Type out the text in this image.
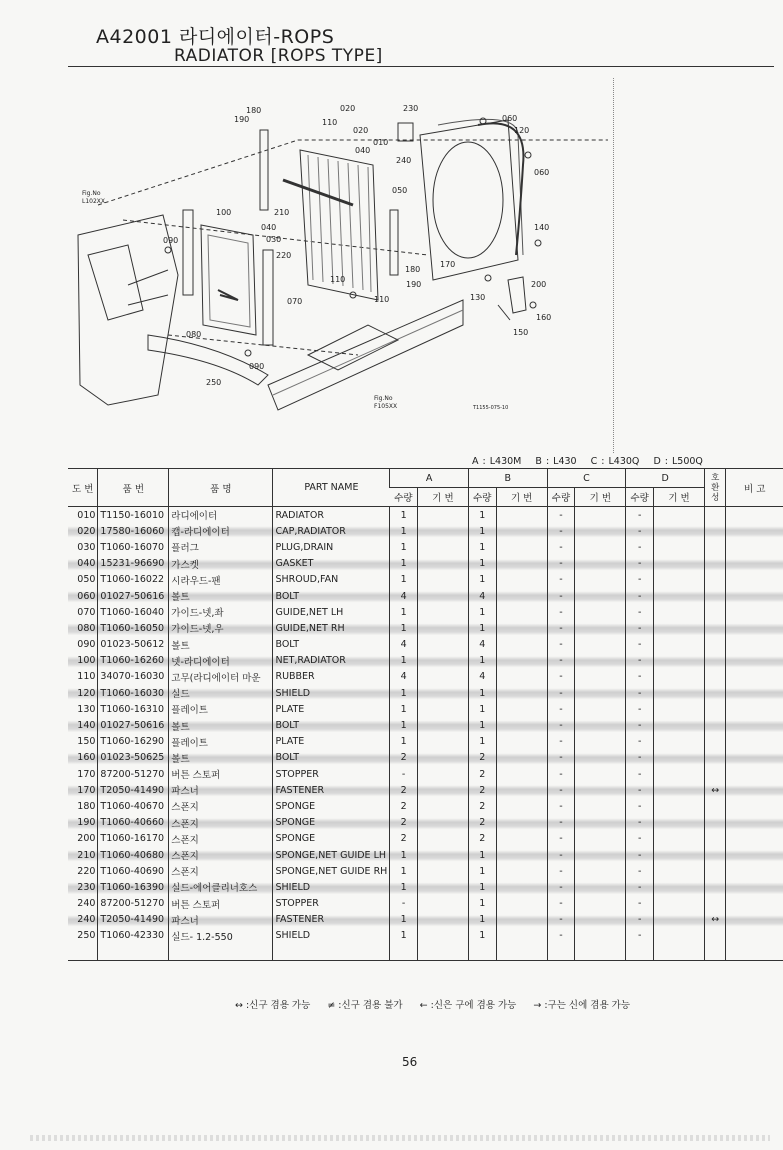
A42001 라디에이터-ROPS
RADIATOR [ROPS TYPE]
180
190
020
110
020
010
040
230
060
120
060
240
050
100	210
090
040
030
220
110
180
190
170
140
200
160
130
150
070
080
110
090
250
Fig.No
L102XX
Fig.No
F105XX	T1155-075-10
A : L430M B : L430 C : L430Q D : L500Q
도 번	품 번	품 명	PART NAME	A		B		C		D		호 환 성	비 고
				수량	기 번	수량	기 번	수량	기 번	수량	기 번		
010	T1150-16010	라디에이터	RADIATOR	1		1		-		-			
020	17580-16060	캡-라디에이터	CAP,RADIATOR	1		1		-		-			
030	T1060-16070	플러그	PLUG,DRAIN	1		1		-		-			
040	15231-96690	가스켓	GASKET	1		1		-		-			
050	T1060-16022	시라우드-팬	SHROUD,FAN	1		1		-		-			
060	01027-50616	볼트	BOLT	4		4		-		-			
070	T1060-16040	가이드-넷,좌	GUIDE,NET LH	1		1		-		-			
080	T1060-16050	가이드-넷,우	GUIDE,NET RH	1		1		-		-			
090	01023-50612	볼트	BOLT	4		4		-		-			
100	T1060-16260	넷-라디에이터	NET,RADIATOR	1		1		-		-			
110	34070-16030	고무(라디에이터 마운	RUBBER	4		4		-		-			
120	T1060-16030	실드	SHIELD	1		1		-		-			
130	T1060-16310	플레이트	PLATE	1		1		-		-			
140	01027-50616	볼트	BOLT	1		1		-		-			
150	T1060-16290	플레이트	PLATE	1		1		-		-			
160	01023-50625	볼트	BOLT	2		2		-		-			
170	87200-51270	버튼 스토퍼	STOPPER	-		2		-		-			
170	T2050-41490	파스너	FASTENER	2		2		-		-		↔	
180	T1060-40670	스폰지	SPONGE	2		2		-		-			
190	T1060-40660	스폰지	SPONGE	2		2		-		-			
200	T1060-16170	스폰지	SPONGE	2		2		-		-			
210	T1060-40680	스폰지	SPONGE,NET GUIDE LH	1		1		-		-			
220	T1060-40690	스폰지	SPONGE,NET GUIDE RH	1		1		-		-			
230	T1060-16390	실드-에어클리너호스	SHIELD	1		1		-		-			
240	87200-51270	버튼 스토퍼	STOPPER	-		1		-		-			
240	T2050-41490	파스너	FASTENER	1		1		-		-		↔	
250	T1060-42330	실드- 1.2-550	SHIELD	1		1		-		-			

↔ :신구 겸용 가능 ≠ :신구 겸용 불가 ← :신은 구에 겸용 가능 → :구는 신에 겸용 가능
56
